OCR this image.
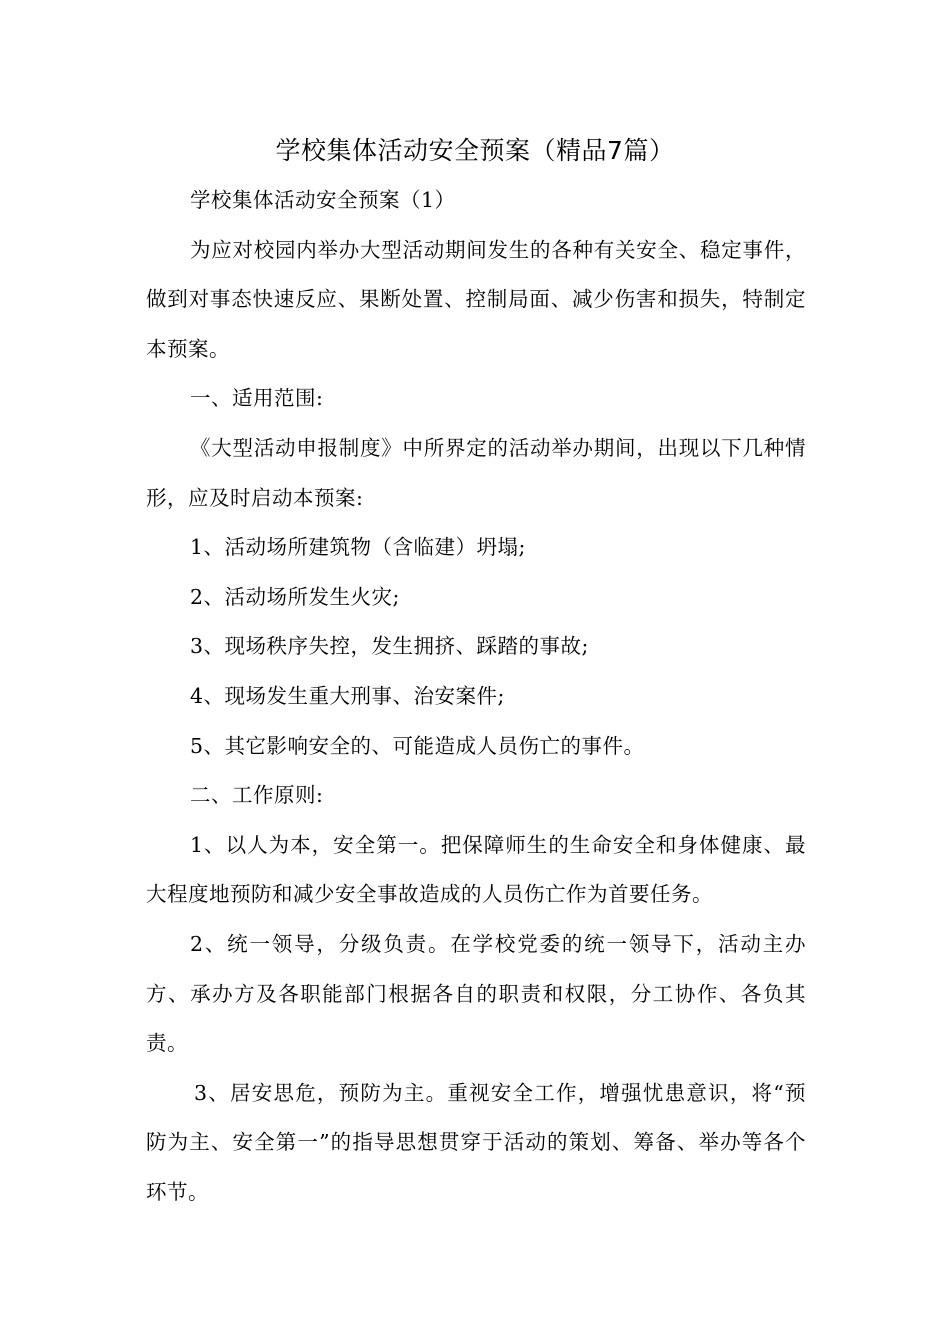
学校集体活动安全预案（精品7篇）

学校集体活动安全预案（1）

为应对校园内举办大型活动期间发生的各种有关安全、稳定事件，做到对事态快速反应、果断处置、控制局面、减少伤害和损失，特制定本预案。

一、适用范围:

《大型活动申报制度》中所界定的活动举办期间，出现以下几种情形，应及时启动本预案:

1、活动场所建筑物（含临建）坍塌;

2、活动场所发生火灾;

3、现场秩序失控，发生拥挤、踩踏的事故;

4、现场发生重大刑事、治安案件;

5、其它影响安全的、可能造成人员伤亡的事件。

二、工作原则:

1、以人为本，安全第一。把保障师生的生命安全和身体健康、最大程度地预防和减少安全事故造成的人员伤亡作为首要任务。

2、统一领导，分级负责。在学校党委的统一领导下，活动主办方、承办方及各职能部门根据各自的职责和权限，分工协作、各负其责。

3、居安思危，预防为主。重视安全工作，增强忧患意识，将“预防为主、安全第一”的指导思想贯穿于活动的策划、筹备、举办等各个环节。
